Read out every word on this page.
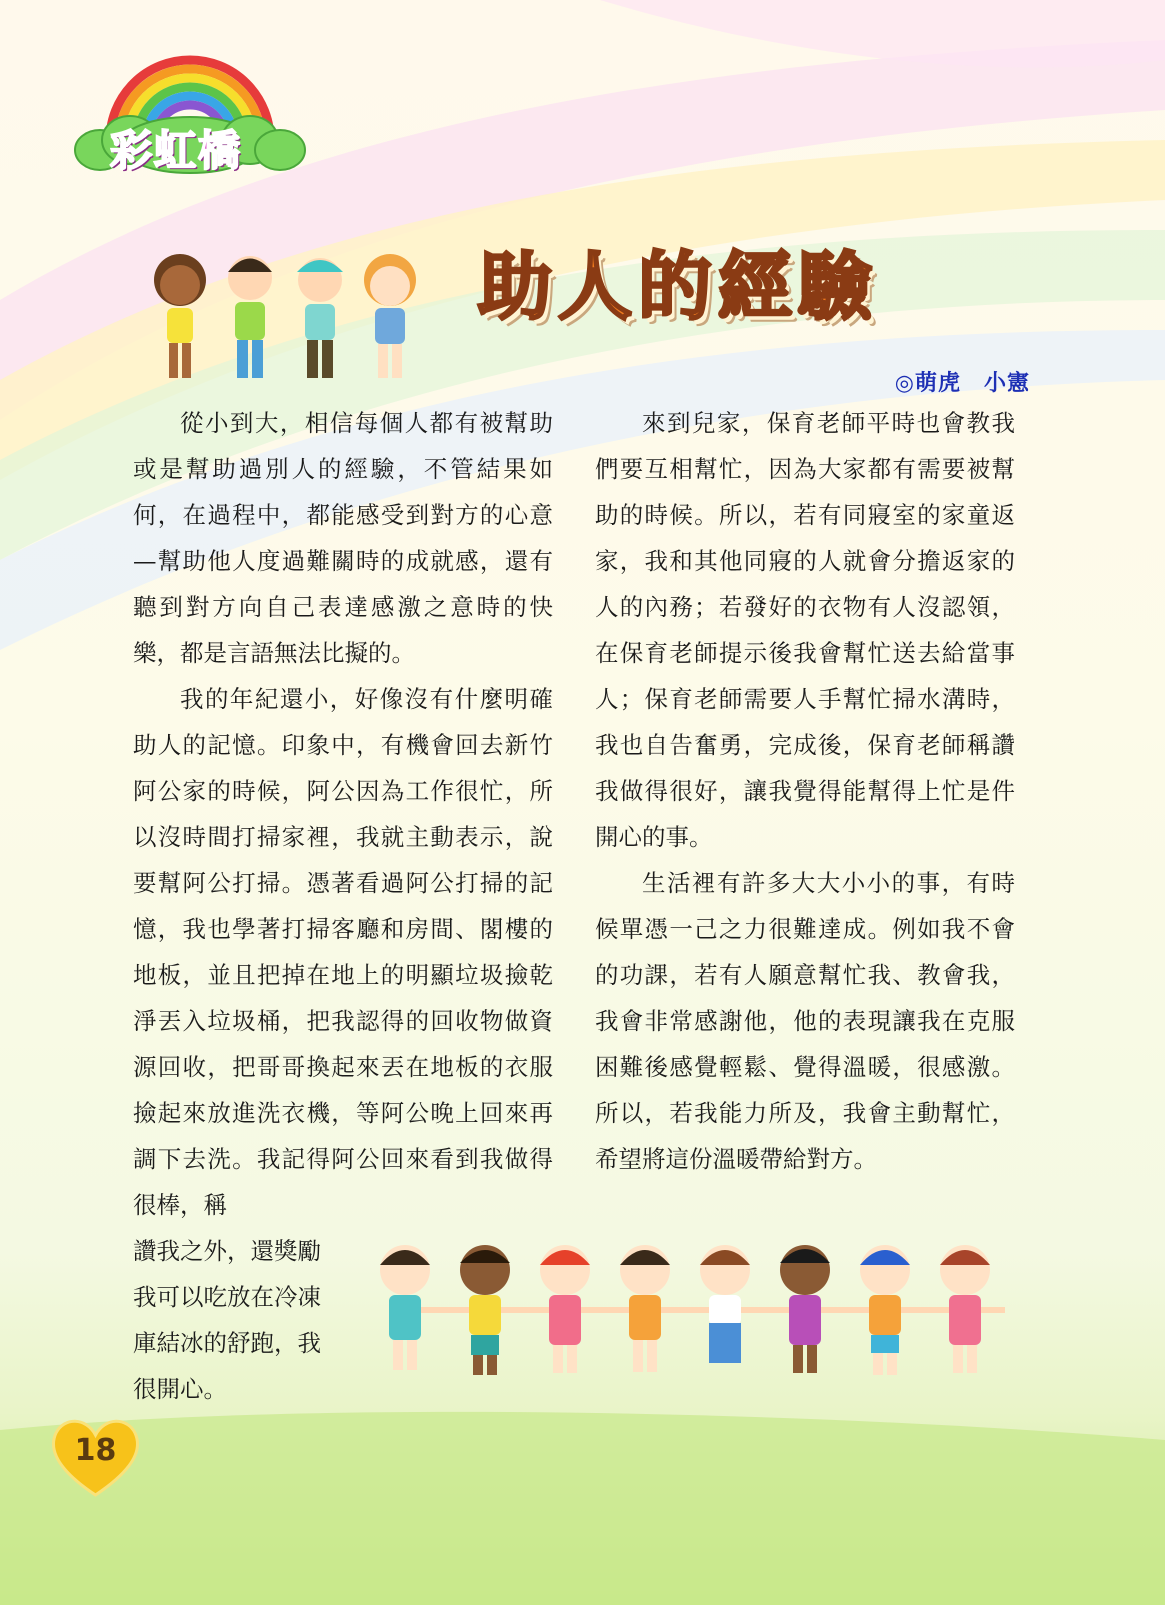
彩虹橋
助人的經驗
◎萌虎　小憲

從小到大，相信每個人都有被幫助或是幫助過別人的經驗，不管結果如何，在過程中，都能感受到對方的心意—幫助他人度過難關時的成就感，還有聽到對方向自己表達感激之意時的快樂，都是言語無法比擬的。

我的年紀還小，好像沒有什麼明確助人的記憶。印象中，有機會回去新竹阿公家的時候，阿公因為工作很忙，所以沒時間打掃家裡，我就主動表示，說要幫阿公打掃。憑著看過阿公打掃的記憶，我也學著打掃客廳和房間、閣樓的地板，並且把掉在地上的明顯垃圾撿乾淨丟入垃圾桶，把我認得的回收物做資源回收，把哥哥換起來丟在地板的衣服撿起來放進洗衣機，等阿公晚上回來再調下去洗。我記得阿公回來看到我做得很棒，稱

讚我之外，還獎勵
我可以吃放在冷凍
庫結冰的舒跑，我
很開心。

來到兒家，保育老師平時也會教我們要互相幫忙，因為大家都有需要被幫助的時候。所以，若有同寢室的家童返家，我和其他同寢的人就會分擔返家的人的內務；若發好的衣物有人沒認領，在保育老師提示後我會幫忙送去給當事人；保育老師需要人手幫忙掃水溝時，我也自告奮勇，完成後，保育老師稱讚我做得很好，讓我覺得能幫得上忙是件開心的事。

生活裡有許多大大小小的事，有時候單憑一己之力很難達成。例如我不會的功課，若有人願意幫忙我、教會我，我會非常感謝他，他的表現讓我在克服困難後感覺輕鬆、覺得溫暖，很感激。所以，若我能力所及，我會主動幫忙，希望將這份溫暖帶給對方。

18
